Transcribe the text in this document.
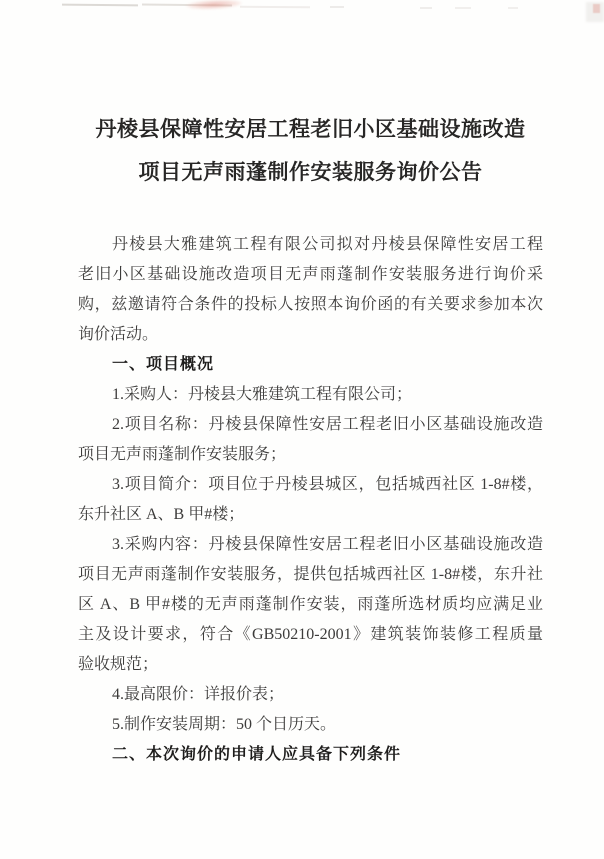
丹棱县保障性安居工程老旧小区基础设施改造
项目无声雨蓬制作安装服务询价公告
丹棱县大雅建筑工程有限公司拟对丹棱县保障性安居工程
老旧小区基础设施改造项目无声雨蓬制作安装服务进行询价采
购，兹邀请符合条件的投标人按照本询价函的有关要求参加本次
询价活动。
一、项目概况
1.采购人：丹棱县大雅建筑工程有限公司；
2.项目名称：丹棱县保障性安居工程老旧小区基础设施改造
项目无声雨蓬制作安装服务；
3.项目简介：项目位于丹棱县城区，包括城西社区 1-8#楼，
东升社区 A、B 甲#楼；
3.采购内容：丹棱县保障性安居工程老旧小区基础设施改造
项目无声雨蓬制作安装服务，提供包括城西社区 1-8#楼，东升社
区 A、B 甲#楼的无声雨蓬制作安装，雨蓬所选材质均应满足业
主及设计要求，符合《GB50210-2001》建筑装饰装修工程质量
验收规范；
4.最高限价：详报价表；
5.制作安装周期：50 个日历天。
二、本次询价的申请人应具备下列条件
